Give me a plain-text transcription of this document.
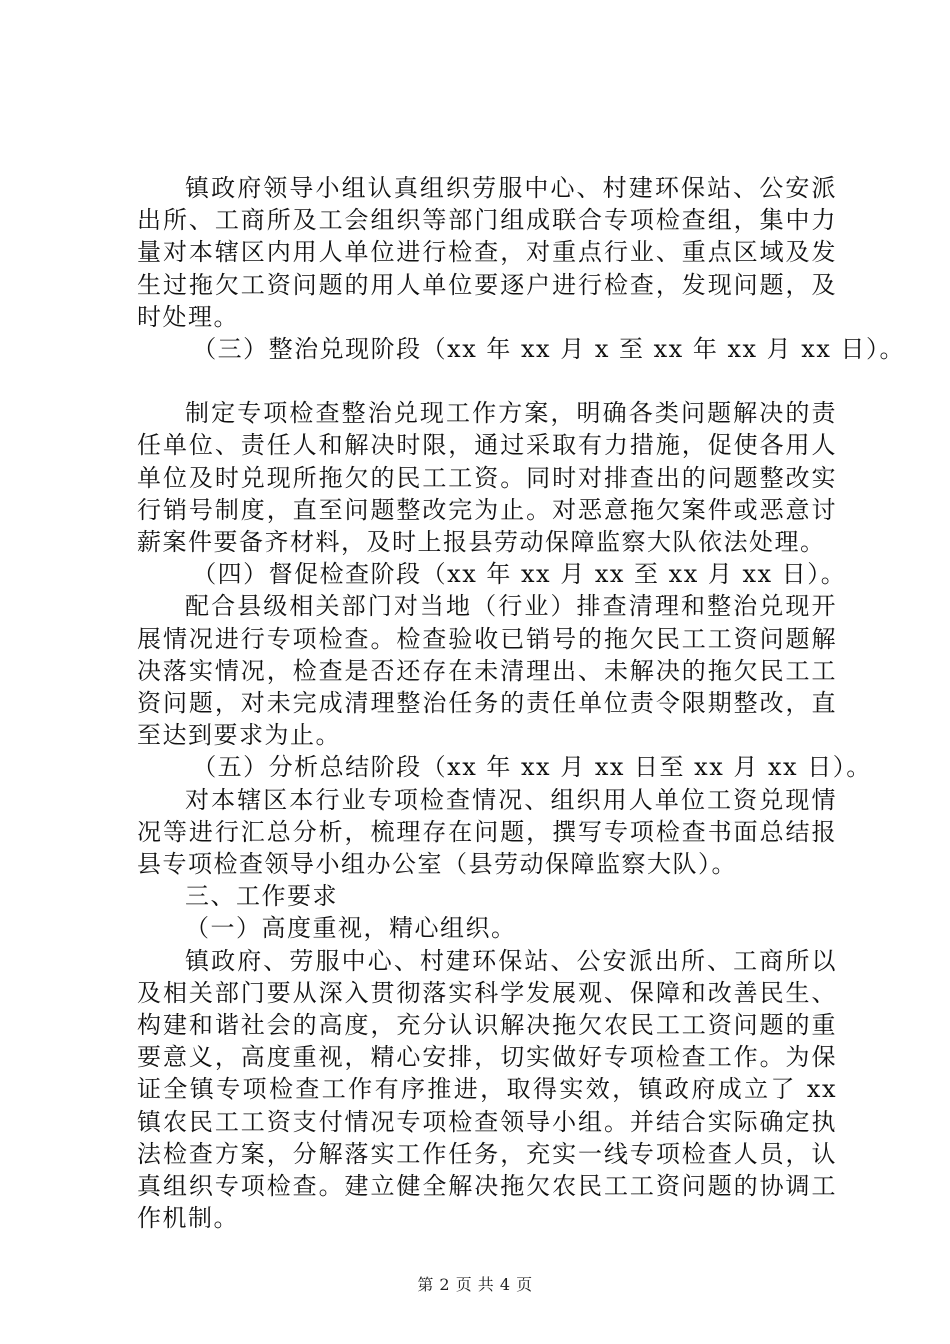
镇政府领导小组认真组织劳服中心、村建环保站、公安派出所、工商所及工会组织等部门组成联合专项检查组，集中力量对本辖区内用人单位进行检查，对重点行业、重点区域及发生过拖欠工资问题的用人单位要逐户进行检查，发现问题，及时处理。

（三）整治兑现阶段（xx 年 xx 月 x 至 xx 年 xx 月 xx 日）。

制定专项检查整治兑现工作方案，明确各类问题解决的责任单位、责任人和解决时限，通过采取有力措施，促使各用人单位及时兑现所拖欠的民工工资。同时对排查出的问题整改实行销号制度，直至问题整改完为止。对恶意拖欠案件或恶意讨薪案件要备齐材料，及时上报县劳动保障监察大队依法处理。

（四）督促检查阶段（xx 年 xx 月 xx 至 xx 月 xx 日）。

配合县级相关部门对当地（行业）排查清理和整治兑现开展情况进行专项检查。检查验收已销号的拖欠民工工资问题解决落实情况，检查是否还存在未清理出、未解决的拖欠民工工资问题，对未完成清理整治任务的责任单位责令限期整改，直至达到要求为止。

（五）分析总结阶段（xx 年 xx 月 xx 日至 xx 月 xx 日）。

对本辖区本行业专项检查情况、组织用人单位工资兑现情况等进行汇总分析，梳理存在问题，撰写专项检查书面总结报县专项检查领导小组办公室（县劳动保障监察大队）。

三、工作要求

（一）高度重视，精心组织。

镇政府、劳服中心、村建环保站、公安派出所、工商所以及相关部门要从深入贯彻落实科学发展观、保障和改善民生、构建和谐社会的高度，充分认识解决拖欠农民工工资问题的重要意义，高度重视，精心安排，切实做好专项检查工作。为保证全镇专项检查工作有序推进，取得实效，镇政府成立了 xx 镇农民工工资支付情况专项检查领导小组。并结合实际确定执法检查方案，分解落实工作任务，充实一线专项检查人员，认真组织专项检查。建立健全解决拖欠农民工工资问题的协调工作机制。

第 2 页 共 4 页
